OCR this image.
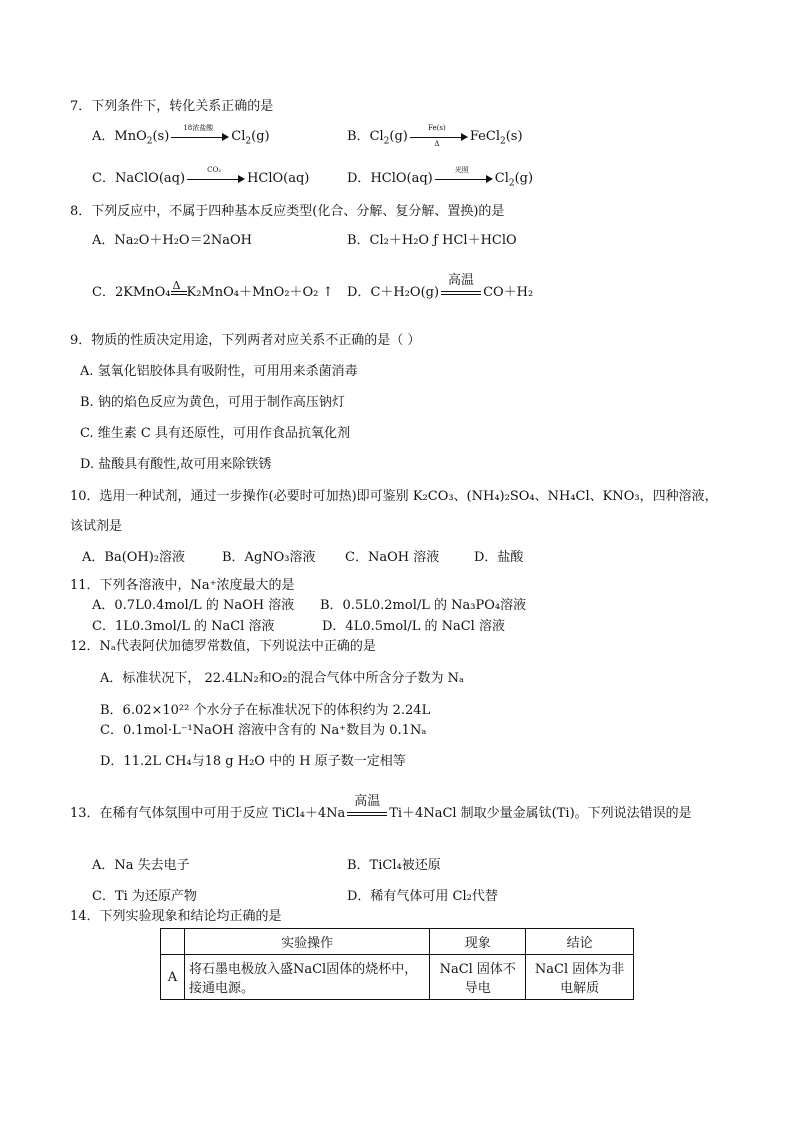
7．下列条件下，转化关系正确的是
A．MnO$_2$(s)
18浓盐酸
$Cl_2(g)$	B．$Cl_2(g) \frac{Fe(s)}{\Delta}$ FeCl$_2$(s)
C．NaClO(aq)
CO₂
HClO(aq)	D．HClO(aq)
光照
$Cl_2(g)$
8．下列反应中，不属于四种基本反应类型(化合、分解、复分解、置换)的是
A．Na₂O＋H₂O＝2NaOH	B．Cl₂＋H₂O ƒ HCl＋HClO
C．2KMnO₄ Δ K₂MnO₄＋MnO₂＋O₂ ↑ D．C＋H₂O(g)
高温
CO＋H₂
9．物质的性质决定用途，下列两者对应关系不正确的是（ ）
A. 氢氧化铝胶体具有吸附性，可用用来杀菌消毒
B. 钠的焰色反应为黄色，可用于制作高压钠灯
C. 维生素 C 具有还原性，可用作食品抗氧化剂
D. 盐酸具有酸性,故可用来除铁锈
10．选用一种试剂，通过一步操作(必要时可加热)即可鉴别 K₂CO₃、(NH₄)₂SO₄、NH₄Cl、KNO₃，四种溶液，
该试剂是
A．Ba(OH)₂溶液	B．AgNO₃溶液 C．NaOH 溶液	D．盐酸
11．下列各溶液中，Na⁺浓度最大的是
A．0.7L0.4mol/L 的 NaOH 溶液 B．0.5L0.2mol/L 的 Na₃PO₄溶液
C．1L0.3mol/L 的 NaCl 溶液	D．4L0.5mol/L 的 NaCl 溶液
12．Nₐ代表阿伏加德罗常数值，下列说法中正确的是
A．标准状况下， 22.4LN₂和O₂的混合气体中所含分子数为 Nₐ
B．6.02×10²² 个水分子在标准状况下的体积约为 2.24L
C．0.1mol·L⁻¹NaOH 溶液中含有的 Na⁺数目为 0.1Nₐ
D．11.2L CH₄与18 g H₂O 中的 H 原子数一定相等
13．在稀有气体氛围中可用于反应 TiCl₄＋4Na
高温
Ti＋4NaCl 制取少量金属钛(Ti)。下列说法错误的是
A．Na 失去电子	B．TiCl₄被还原
C．Ti 为还原产物	D．稀有气体可用 Cl₂代替
14．下列实验现象和结论均正确的是
	实验操作	现象	结论
A	将石墨电极放入盛NaCl固体的烧杯中，接通电源。	NaCl 固体不导电	NaCl 固体为非电解质
